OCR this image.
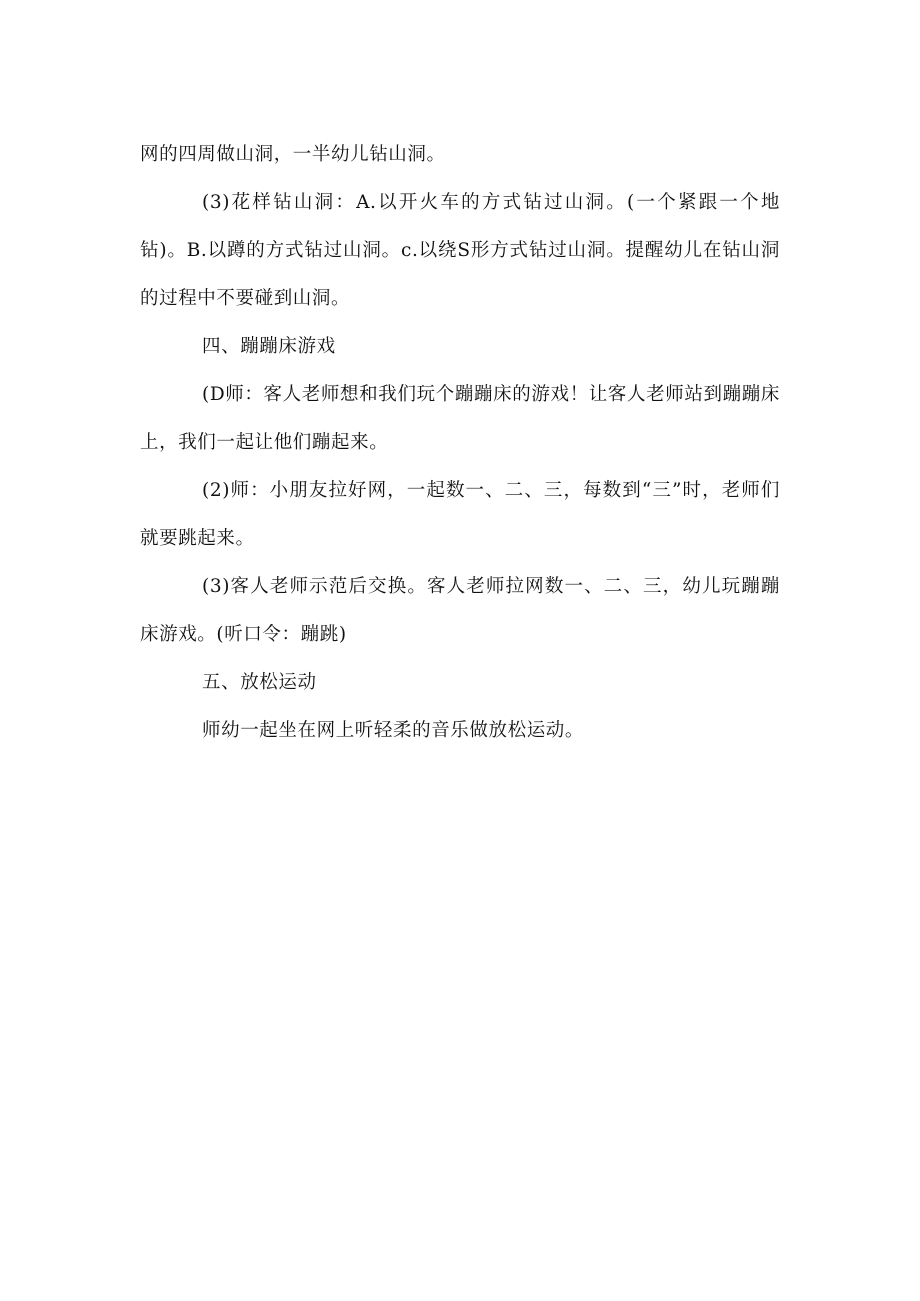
网的四周做山洞，一半幼儿钻山洞。

(3)花样钻山洞：A.以开火车的方式钻过山洞。(一个紧跟一个地钻)。B.以蹲的方式钻过山洞。c.以绕S形方式钻过山洞。提醒幼儿在钻山洞的过程中不要碰到山洞。

四、蹦蹦床游戏

(D师：客人老师想和我们玩个蹦蹦床的游戏！让客人老师站到蹦蹦床上，我们一起让他们蹦起来。

(2)师：小朋友拉好网，一起数一、二、三，每数到“三”时，老师们就要跳起来。

(3)客人老师示范后交换。客人老师拉网数一、二、三，幼儿玩蹦蹦床游戏。(听口令：蹦跳)

五、放松运动

师幼一起坐在网上听轻柔的音乐做放松运动。
